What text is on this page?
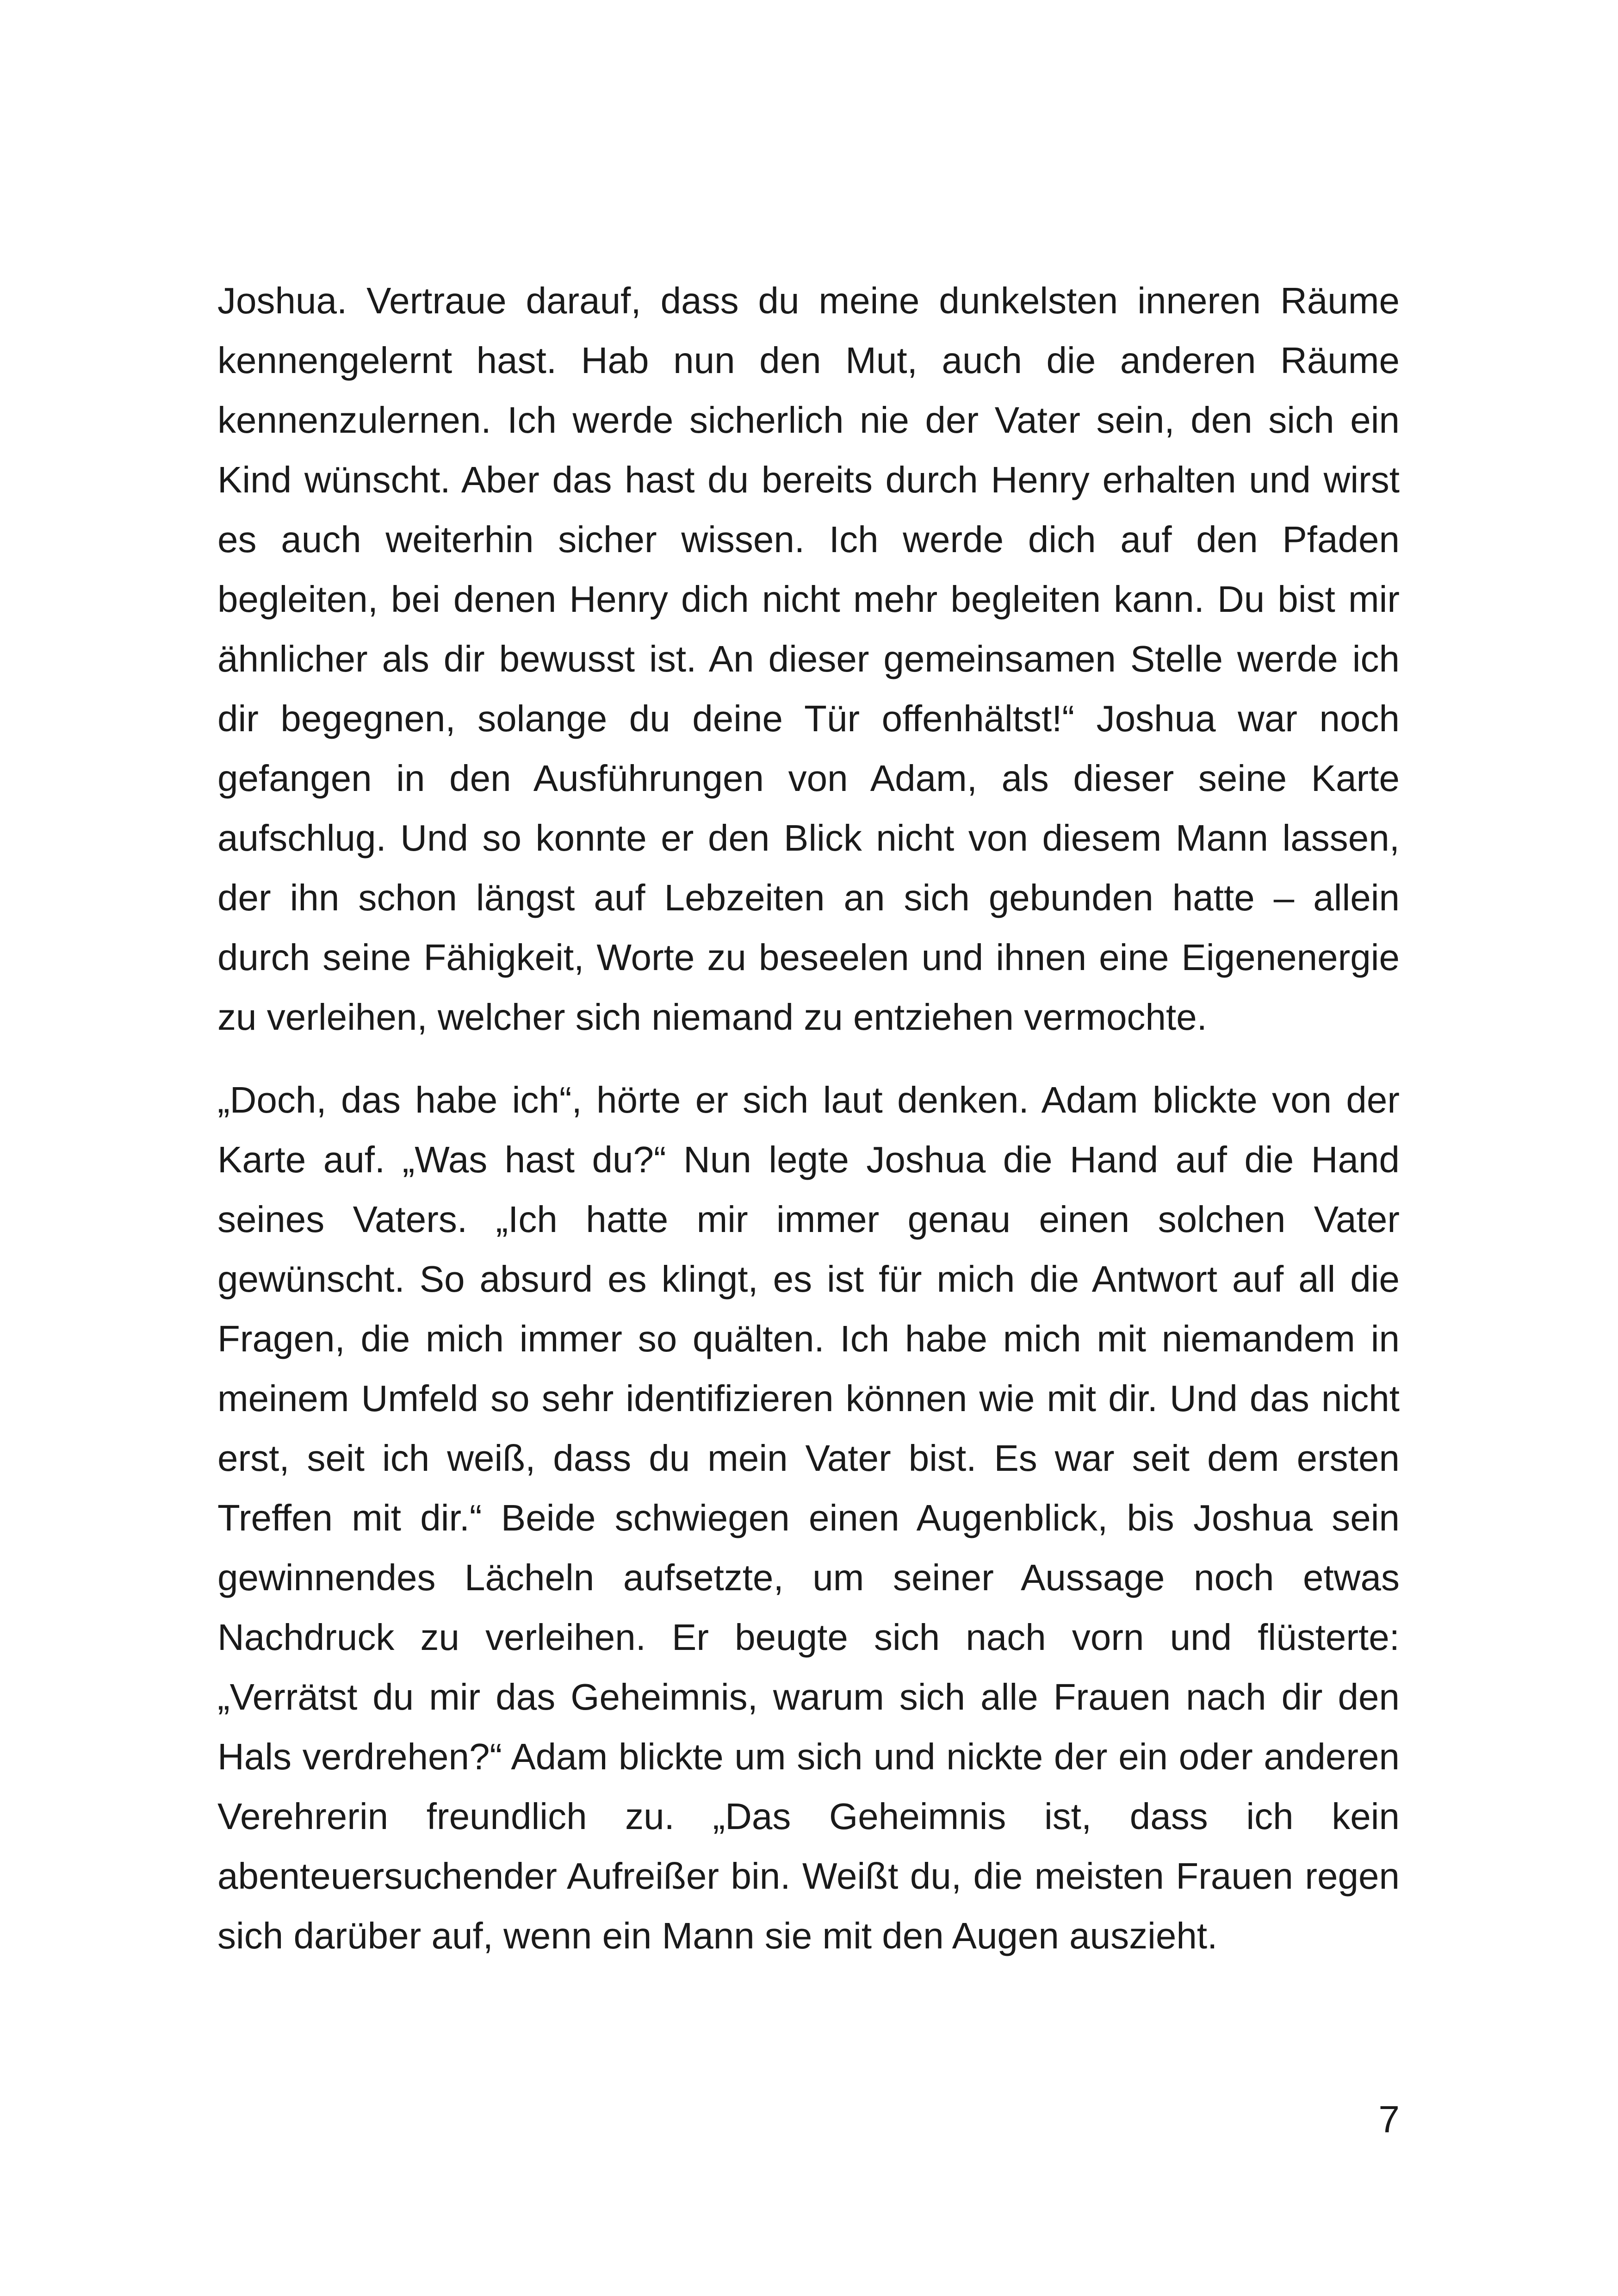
Joshua. Vertraue darauf, dass du meine dunkelsten inneren Räume kennengelernt hast. Hab nun den Mut, auch die anderen Räume kennenzulernen. Ich werde sicherlich nie der Vater sein, den sich ein Kind wünscht. Aber das hast du bereits durch Henry erhalten und wirst es auch weiterhin sicher wissen. Ich werde dich auf den Pfaden begleiten, bei denen Henry dich nicht mehr begleiten kann. Du bist mir ähnlicher als dir bewusst ist. An dieser gemeinsamen Stelle werde ich dir begegnen, solange du deine Tür offenhältst!“ Joshua war noch gefangen in den Ausführungen von Adam, als dieser seine Karte aufschlug. Und so konnte er den Blick nicht von diesem Mann lassen, der ihn schon längst auf Lebzeiten an sich gebunden hatte – allein durch seine Fähigkeit, Worte zu beseelen und ihnen eine Eigenenergie zu verleihen, welcher sich niemand zu entziehen vermochte.

„Doch, das habe ich“, hörte er sich laut denken. Adam blickte von der Karte auf. „Was hast du?“ Nun legte Joshua die Hand auf die Hand seines Vaters. „Ich hatte mir immer genau einen solchen Vater gewünscht. So absurd es klingt, es ist für mich die Antwort auf all die Fragen, die mich immer so quälten. Ich habe mich mit niemandem in meinem Umfeld so sehr identifizieren können wie mit dir. Und das nicht erst, seit ich weiß, dass du mein Vater bist. Es war seit dem ersten Treffen mit dir.“ Beide schwiegen einen Augenblick, bis Joshua sein gewinnendes Lächeln aufsetzte, um seiner Aussage noch etwas Nachdruck zu verleihen. Er beugte sich nach vorn und flüsterte: „Verrätst du mir das Geheimnis, warum sich alle Frauen nach dir den Hals verdrehen?“ Adam blickte um sich und nickte der ein oder anderen Verehrerin freundlich zu. „Das Geheimnis ist, dass ich kein abenteuersuchender Aufreißer bin. Weißt du, die meisten Frauen regen sich darüber auf, wenn ein Mann sie mit den Augen auszieht.

7
